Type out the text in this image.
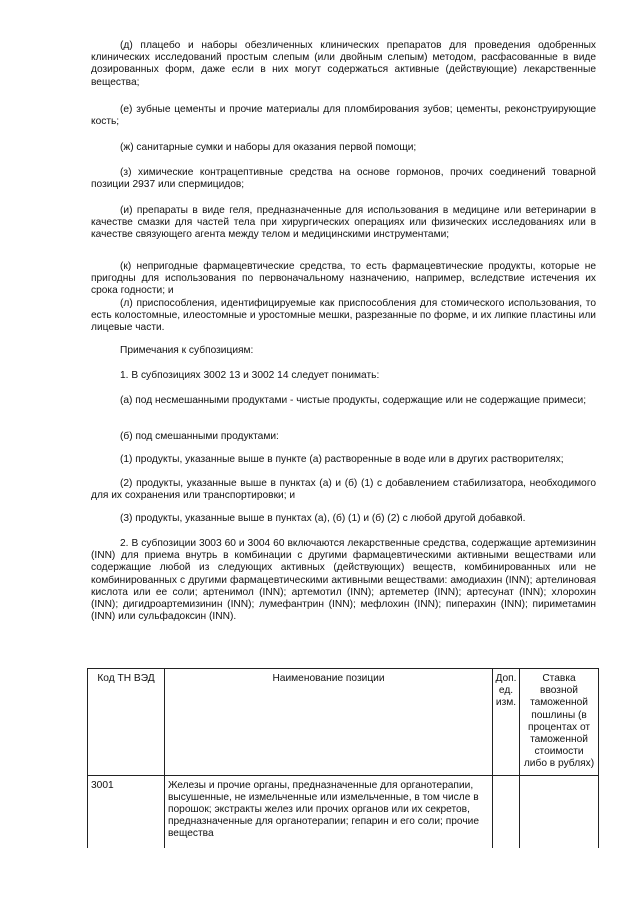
(д) плацебо и наборы обезличенных клинических препаратов для проведения одобренных клинических исследований простым слепым (или двойным слепым) методом, расфасованные в виде дозированных форм, даже если в них могут содержаться активные (действующие) лекарственные вещества;

(е) зубные цементы и прочие материалы для пломбирования зубов; цементы, реконструирующие кость;

(ж) санитарные сумки и наборы для оказания первой помощи;

(з) химические контрацептивные средства на основе гормонов, прочих соединений товарной позиции 2937 или спермицидов;

(и) препараты в виде геля, предназначенные для использования в медицине или ветеринарии в качестве смазки для частей тела при хирургических операциях или физических исследованиях или в качестве связующего агента между телом и медицинскими инструментами;

(к) непригодные фармацевтические средства, то есть фармацевтические продукты, которые не пригодны для использования по первоначальному назначению, например, вследствие истечения их срока годности; и

(л) приспособления, идентифицируемые как приспособления для стомического использования, то есть колостомные, илеостомные и уростомные мешки, разрезанные по форме, и их липкие пластины или лицевые части.

Примечания к субпозициям:

1. В субпозициях 3002 13 и 3002 14 следует понимать:

(а) под несмешанными продуктами - чистые продукты, содержащие или не содержащие примеси;

(б) под смешанными продуктами:

(1) продукты, указанные выше в пункте (а) растворенные в воде или в других растворителях;

(2) продукты, указанные выше в пунктах (а) и (б) (1) с добавлением стабилизатора, необходимого для их сохранения или транспортировки; и

(3) продукты, указанные выше в пунктах (а), (б) (1) и (б) (2) с любой другой добавкой.

2. В субпозиции 3003 60 и 3004 60 включаются лекарственные средства, содержащие артемизинин (INN) для приема внутрь в комбинации с другими фармацевтическими активными веществами или содержащие любой из следующих активных (действующих) веществ, комбинированных или не комбинированных с другими фармацевтическими активными веществами: амодиахин (INN); артелиновая кислота или ее соли; артенимол (INN); артемотил (INN); артеметер (INN); артесунат (INN); хлорохин (INN); дигидроартемизинин (INN); лумефантрин (INN); мефлохин (INN); пиперахин (INN); пириметамин (INN) или сульфадоксин (INN).

Код ТН ВЭД	Наименование позиции	Доп. ед. изм.	Ставка ввозной таможенной пошлины (в процентах от таможенной стоимости либо в рублях)
3001	Железы и прочие органы, предназначенные для органотерапии, высушенные, не измельченные или измельченные, в том числе в порошок; экстракты желез или прочих органов или их секретов, предназначенные для органотерапии; гепарин и его соли; прочие вещества		
